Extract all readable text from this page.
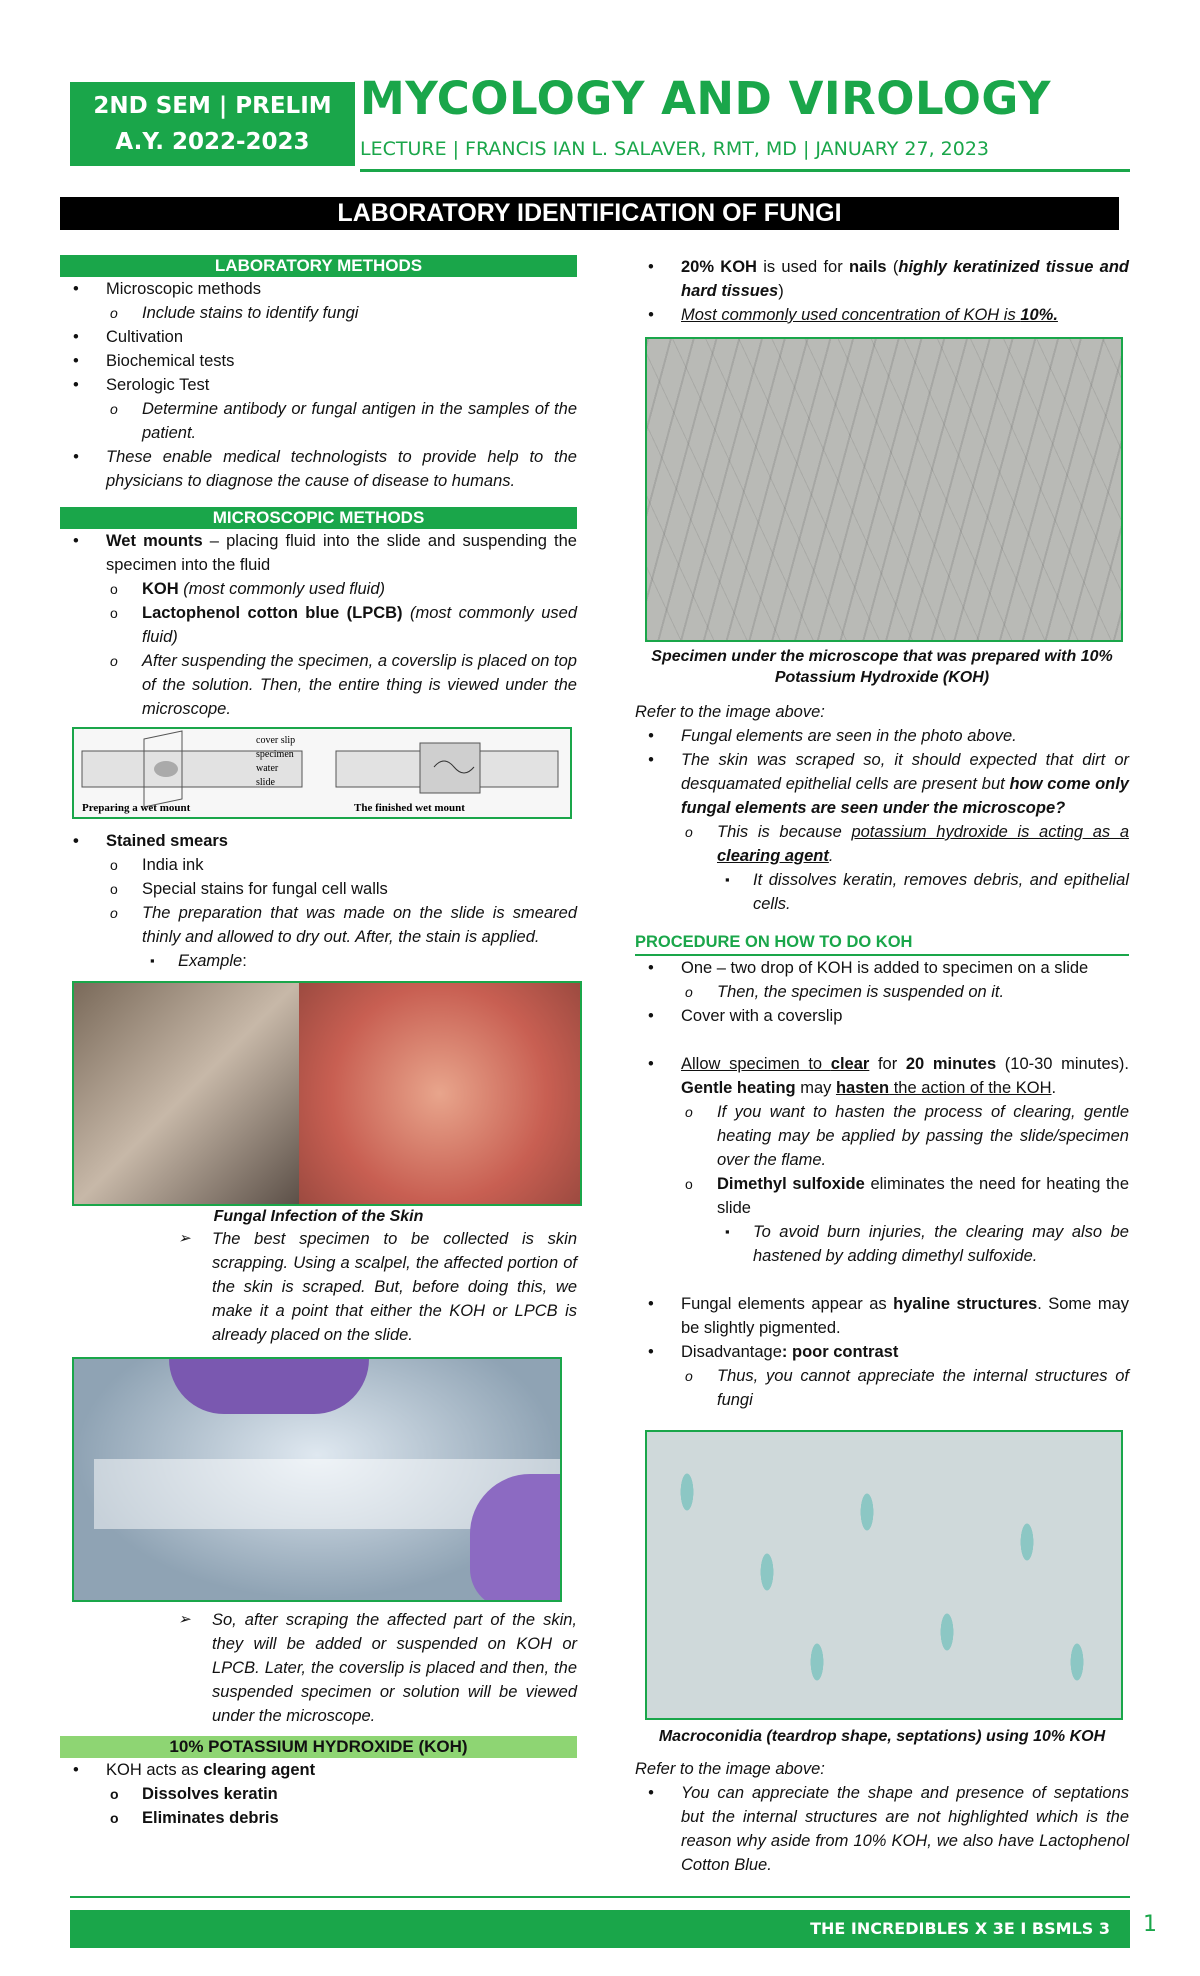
2ND SEM | PRELIM
A.Y. 2022-2023
MYCOLOGY AND VIROLOGY
LECTURE | FRANCIS IAN L. SALAVER, RMT, MD | JANUARY 27, 2023
LABORATORY IDENTIFICATION OF FUNGI
LABORATORY METHODS
• Microscopic methods
o Include stains to identify fungi
• Cultivation
• Biochemical tests
• Serologic Test
o Determine antibody or fungal antigen in the samples of the patient.
• These enable medical technologists to provide help to the physicians to diagnose the cause of disease to humans.
MICROSCOPIC METHODS
• Wet mounts – placing fluid into the slide and suspending the specimen into the fluid
o KOH (most commonly used fluid)
o Lactophenol cotton blue (LPCB) (most commonly used fluid)
o After suspending the specimen, a coverslip is placed on top of the solution. Then, the entire thing is viewed under the microscope.
cover slip
specimen
water
slide
Preparing a wet mount	The finished wet mount
• Stained smears
o India ink
o Special stains for fungal cell walls
o The preparation that was made on the slide is smeared thinly and allowed to dry out. After, the stain is applied.
▪ Example:
Fungal Infection of the Skin
➢ The best specimen to be collected is skin scrapping. Using a scalpel, the affected portion of the skin is scraped. But, before doing this, we make it a point that either the KOH or LPCB is already placed on the slide.
➢ So, after scraping the affected part of the skin, they will be added or suspended on KOH or LPCB. Later, the coverslip is placed and then, the suspended specimen or solution will be viewed under the microscope.
10% POTASSIUM HYDROXIDE (KOH)
• KOH acts as clearing agent
o Dissolves keratin
o Eliminates debris
• 20% KOH is used for nails (highly keratinized tissue and hard tissues)
• Most commonly used concentration of KOH is 10%.
Specimen under the microscope that was prepared with 10% Potassium Hydroxide (KOH)
Refer to the image above:
• Fungal elements are seen in the photo above.
• The skin was scraped so, it should expected that dirt or desquamated epithelial cells are present but how come only fungal elements are seen under the microscope?
o This is because potassium hydroxide is acting as a clearing agent.
▪ It dissolves keratin, removes debris, and epithelial cells.
PROCEDURE ON HOW TO DO KOH
• One – two drop of KOH is added to specimen on a slide
o Then, the specimen is suspended on it.
• Cover with a coverslip
• Allow specimen to clear for 20 minutes (10-30 minutes). Gentle heating may hasten the action of the KOH.
o If you want to hasten the process of clearing, gentle heating may be applied by passing the slide/specimen over the flame.
o Dimethyl sulfoxide eliminates the need for heating the slide
▪ To avoid burn injuries, the clearing may also be hastened by adding dimethyl sulfoxide.
• Fungal elements appear as hyaline structures. Some may be slightly pigmented.
• Disadvantage: poor contrast
o Thus, you cannot appreciate the internal structures of fungi
Macroconidia (teardrop shape, septations) using 10% KOH
Refer to the image above:
• You can appreciate the shape and presence of septations but the internal structures are not highlighted which is the reason why aside from 10% KOH, we also have Lactophenol Cotton Blue.
THE INCREDIBLES X 3E I BSMLS 3	1
